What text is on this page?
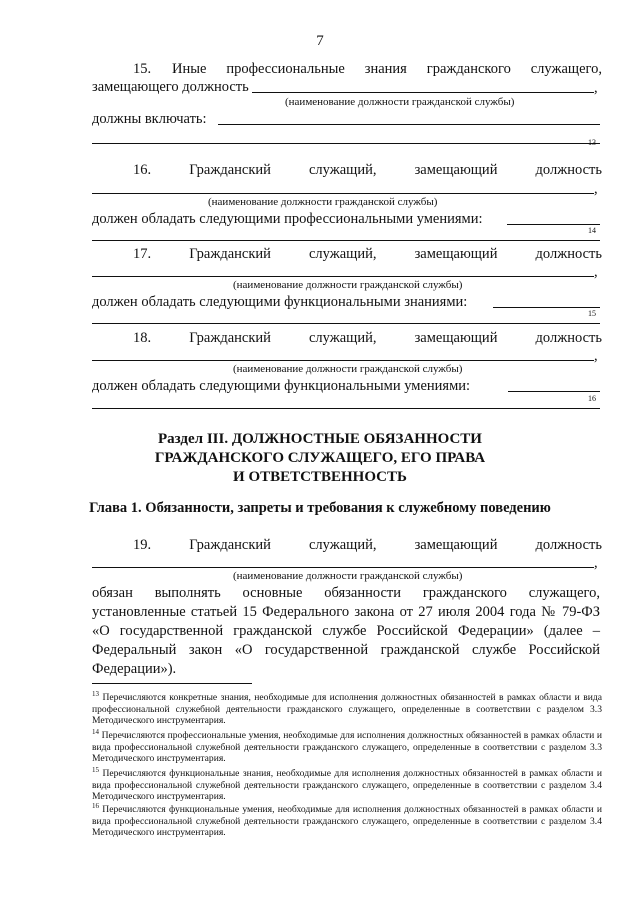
7
15. Иные профессиональные знания гражданского служащего,
замещающего должность	,
(наименование должности гражданской службы)
должны включать:
13
16.	Гражданский	служащий,	замещающий	должность
,
(наименование должности гражданской службы)
должен обладать следующими профессиональными умениями:
14
17.	Гражданский	служащий,	замещающий	должность
,
(наименование должности гражданской службы)
должен обладать следующими функциональными знаниями:
15
18.	Гражданский	служащий,	замещающий	должность
,
(наименование должности гражданской службы)
должен обладать следующими функциональными умениями:
16
Раздел III. ДОЛЖНОСТНЫЕ ОБЯЗАННОСТИ
ГРАЖДАНСКОГО СЛУЖАЩЕГО, ЕГО ПРАВА
И ОТВЕТСТВЕННОСТЬ
Глава 1. Обязанности, запреты и требования к служебному поведению
19.	Гражданский	служащий,	замещающий	должность
,
(наименование должности гражданской службы)
обязан выполнять основные обязанности гражданского служащего, установленные статьей 15 Федерального закона от 27 июля 2004 года № 79-ФЗ «О государственной гражданской службе Российской Федерации» (далее – Федеральный закон «О государственной гражданской службе Российской Федерации»).
$^{13}$ Перечисляются конкретные знания, необходимые для исполнения должностных обязанностей в рамках области и вида профессиональной служебной деятельности гражданского служащего, определенные в соответствии с разделом 3.3 Методического инструментария.
$^{14}$ Перечисляются профессиональные умения, необходимые для исполнения должностных обязанностей в рамках области и вида профессиональной служебной деятельности гражданского служащего, определенные в соответствии с разделом 3.3 Методического инструментария.
$^{15}$ Перечисляются функциональные знания, необходимые для исполнения должностных обязанностей в рамках области и вида профессиональной служебной деятельности гражданского служащего, определенные в соответствии с разделом 3.4 Методического инструментария.
$^{16}$ Перечисляются функциональные умения, необходимые для исполнения должностных обязанностей в рамках области и вида профессиональной служебной деятельности гражданского служащего, определенные в соответствии с разделом 3.4 Методического инструментария.
